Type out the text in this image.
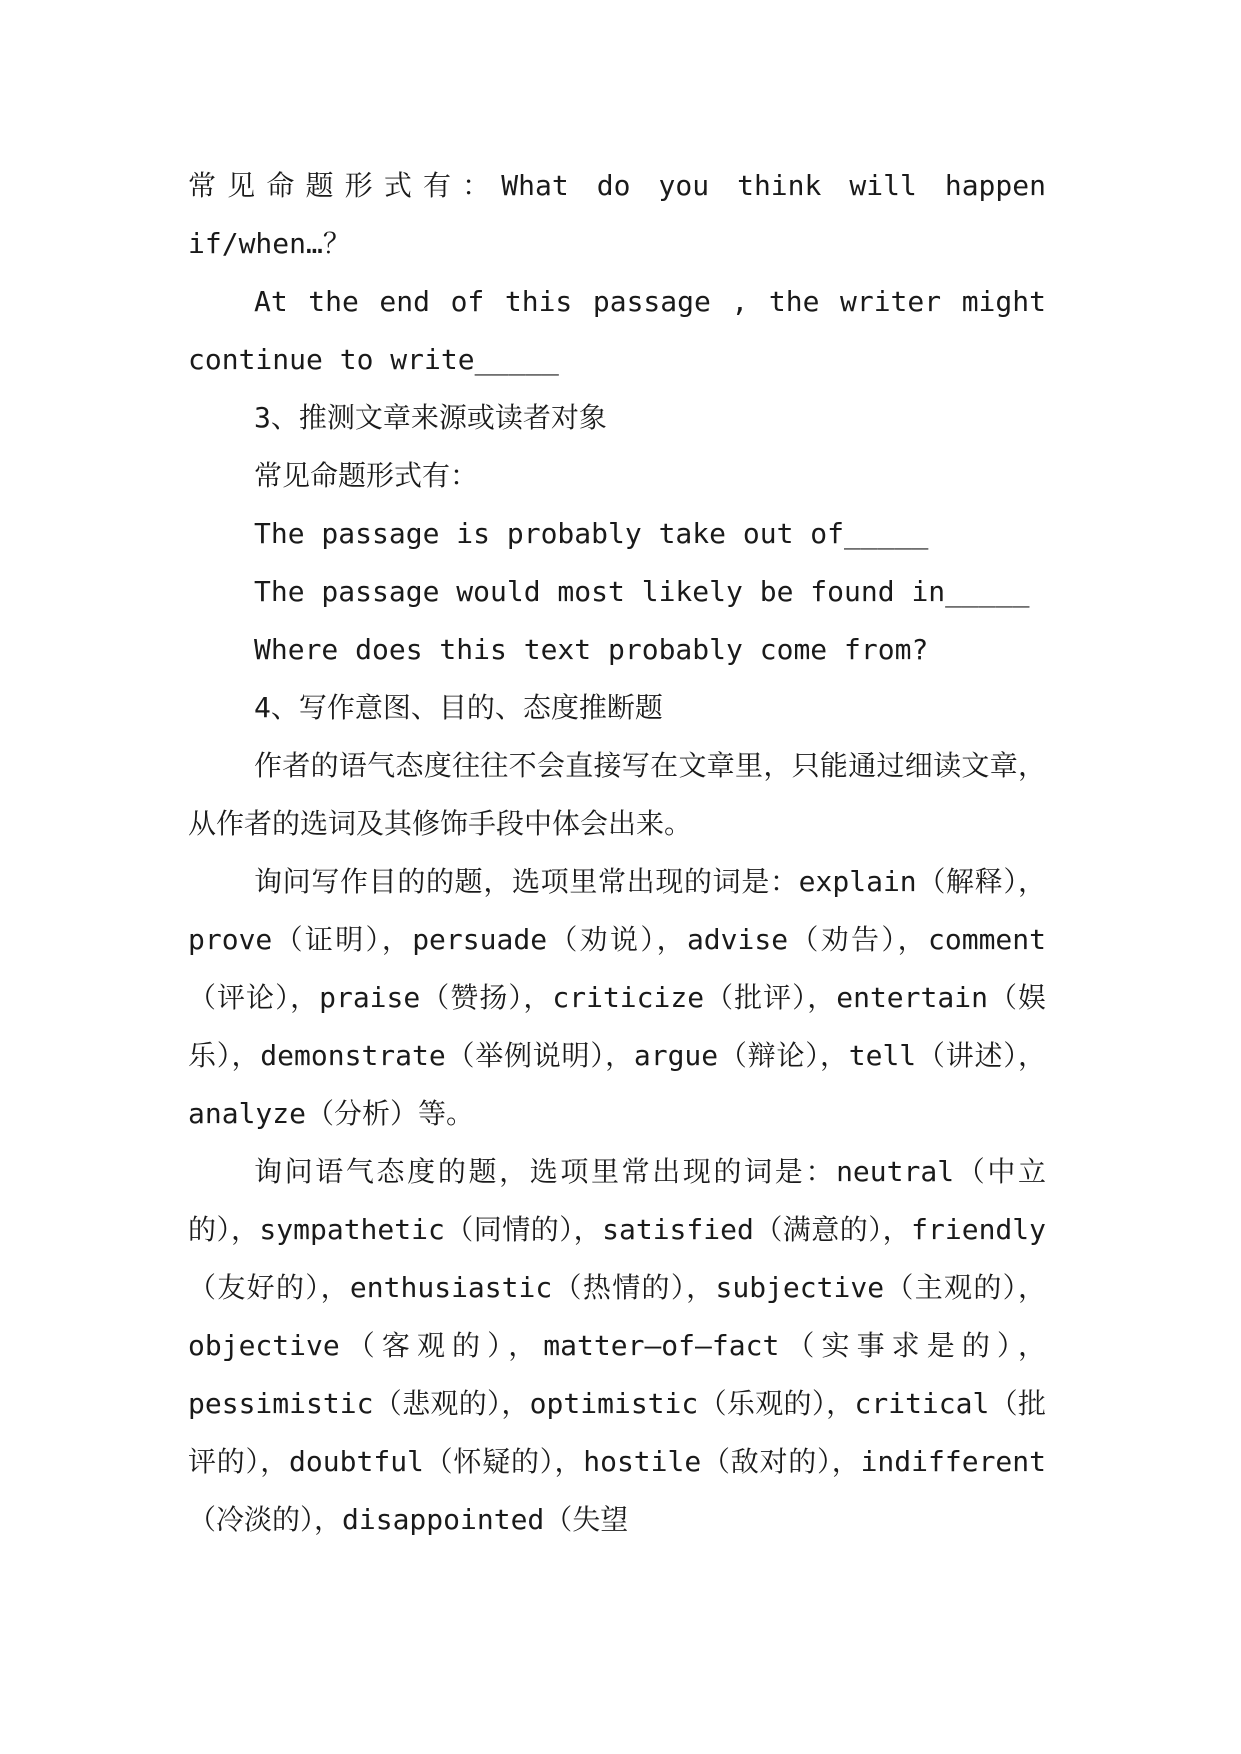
常见命题形式有：What do you think will happen if/when…？

At the end of this passage , the writer might continue to write_____

3、推测文章来源或读者对象

常见命题形式有：

The passage is probably take out of_____

The passage would most likely be found in_____

Where does this text probably come from?

4、写作意图、目的、态度推断题

作者的语气态度往往不会直接写在文章里，只能通过细读文章，从作者的选词及其修饰手段中体会出来。

询问写作目的的题，选项里常出现的词是：explain（解释），prove（证明），persuade（劝说），advise（劝告），comment（评论），praise（赞扬），criticize（批评），entertain（娱乐），demonstrate（举例说明），argue（辩论），tell（讲述），analyze（分析）等。

询问语气态度的题，选项里常出现的词是：neutral（中立的），sympathetic（同情的），satisfied（满意的），friendly（友好的），enthusiastic（热情的），subjective（主观的），objective（客观的），matter—of—fact（实事求是的），pessimistic（悲观的），optimistic（乐观的），critical（批评的），doubtful（怀疑的），hostile（敌对的），indifferent（冷淡的），disappointed（失望
